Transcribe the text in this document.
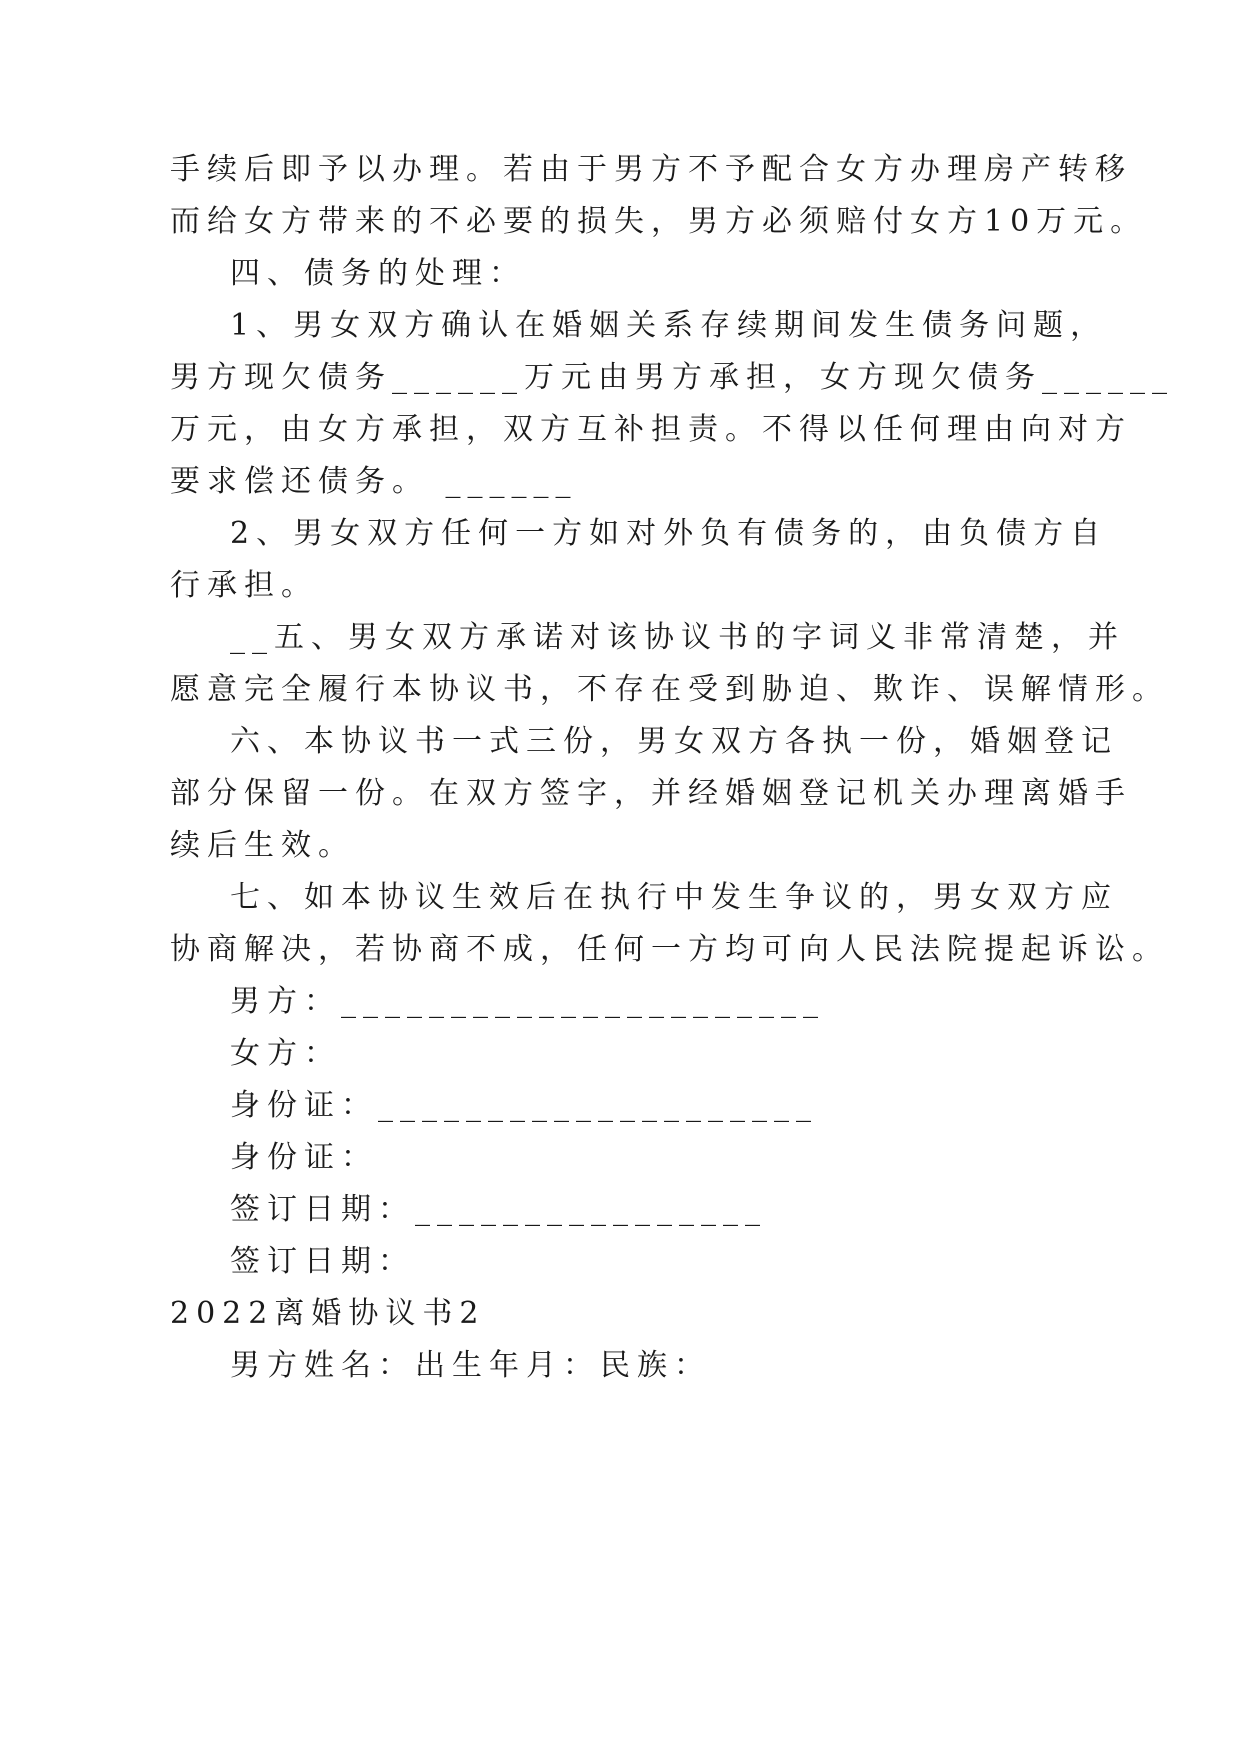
手续后即予以办理。若由于男方不予配合女方办理房产转移
而给女方带来的不必要的损失，男方必须赔付女方10万元。
四、债务的处理：
1、男女双方确认在婚姻关系存续期间发生债务问题，
男方现欠债务______万元由男方承担，女方现欠债务______
万元，由女方承担，双方互补担责。不得以任何理由向对方
要求偿还债务。 ______
2、男女双方任何一方如对外负有债务的，由负债方自
行承担。
__五、男女双方承诺对该协议书的字词义非常清楚，并
愿意完全履行本协议书，不存在受到胁迫、欺诈、误解情形。
六、本协议书一式三份，男女双方各执一份，婚姻登记
部分保留一份。在双方签字，并经婚姻登记机关办理离婚手
续后生效。
七、如本协议生效后在执行中发生争议的，男女双方应
协商解决，若协商不成，任何一方均可向人民法院提起诉讼。
男方：______________________
女方：
身份证：____________________
身份证：
签订日期：________________
签订日期：
2022离婚协议书2
男方姓名：出生年月：民族：
